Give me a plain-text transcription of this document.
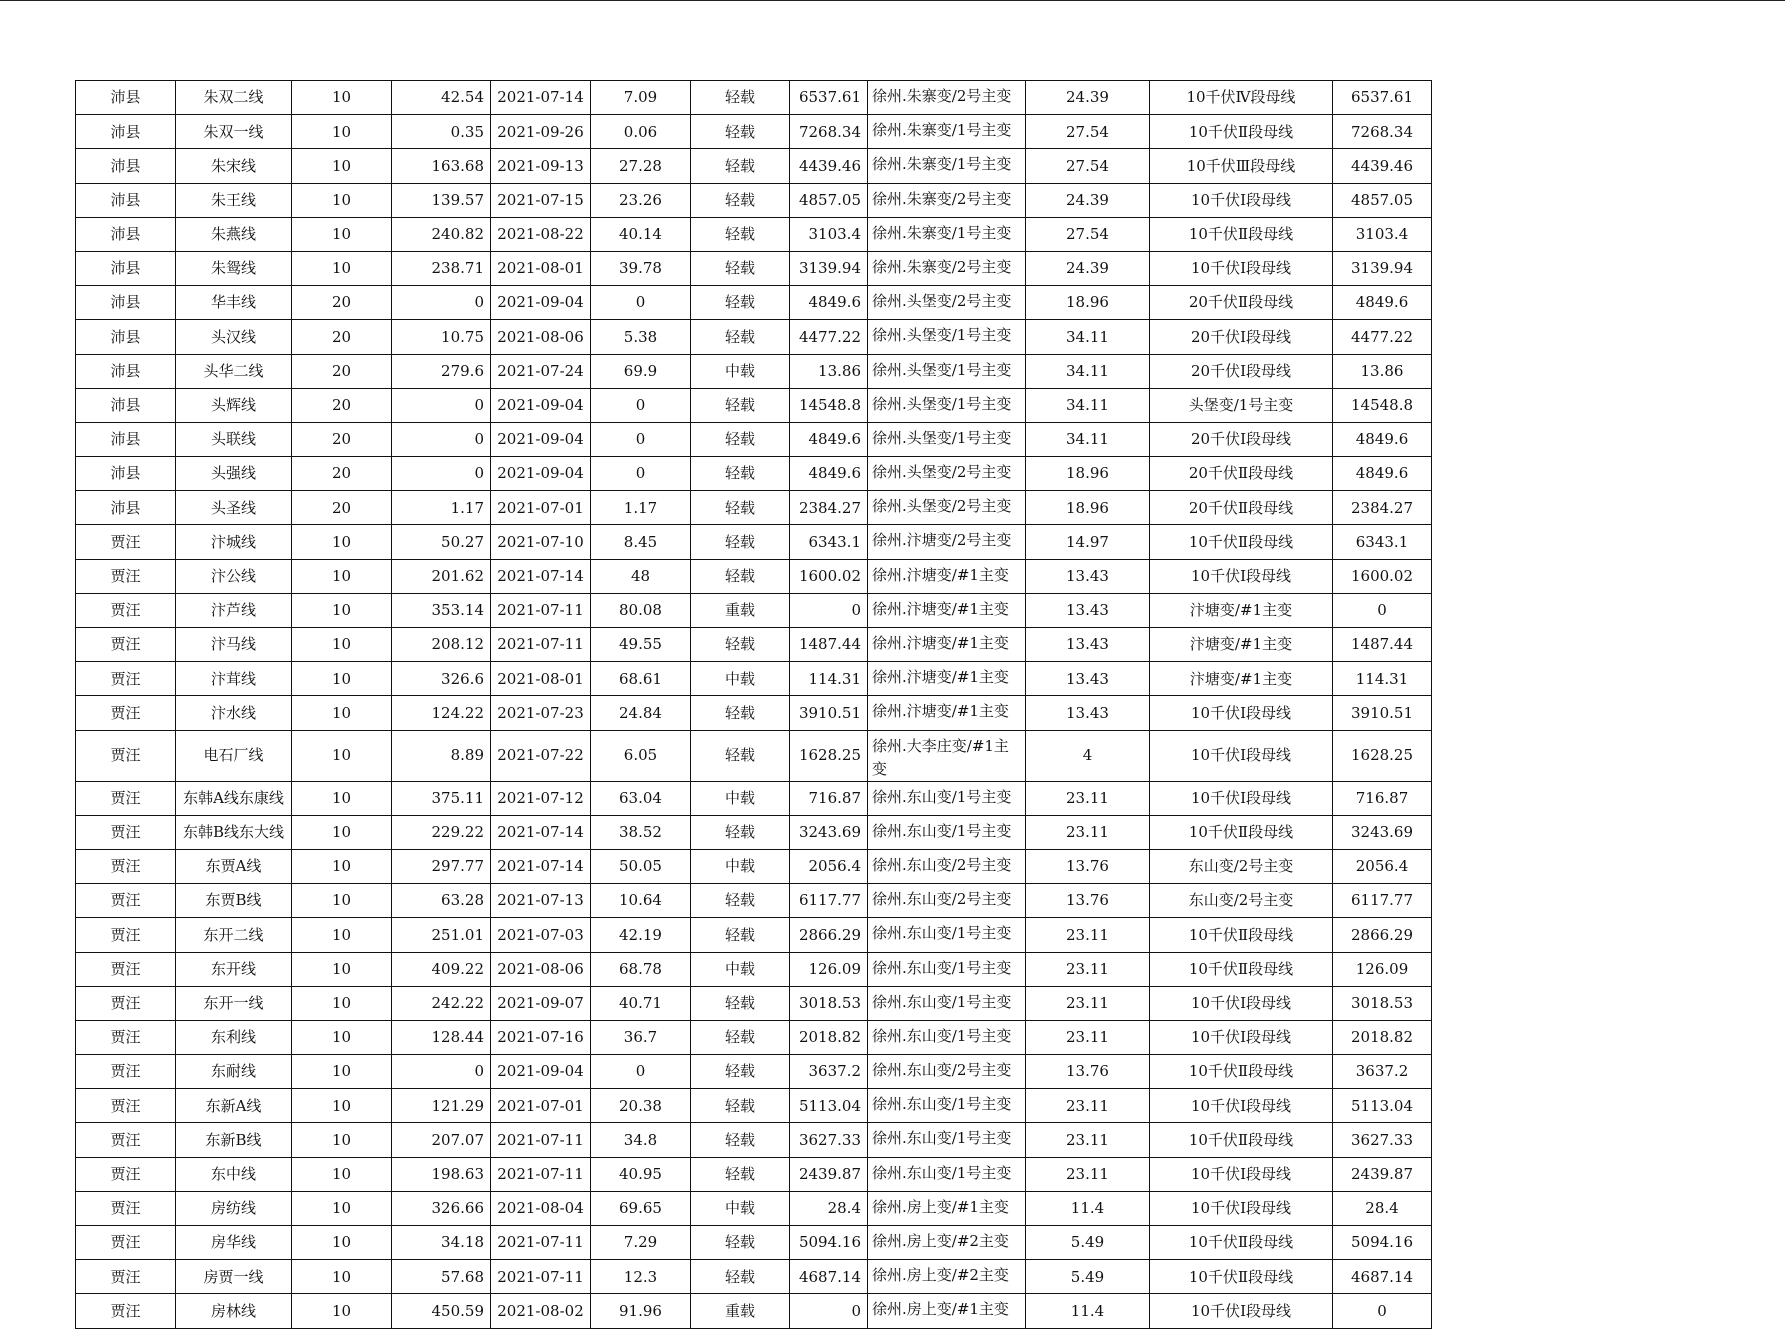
沛县	朱双二线	10	42.54	2021-07-14	7.09	轻载	6537.61	徐州.朱寨变/2号主变	24.39	10千伏Ⅳ段母线	6537.61
沛县	朱双一线	10	0.35	2021-09-26	0.06	轻载	7268.34	徐州.朱寨变/1号主变	27.54	10千伏Ⅱ段母线	7268.34
沛县	朱宋线	10	163.68	2021-09-13	27.28	轻载	4439.46	徐州.朱寨变/1号主变	27.54	10千伏Ⅲ段母线	4439.46
沛县	朱王线	10	139.57	2021-07-15	23.26	轻载	4857.05	徐州.朱寨变/2号主变	24.39	10千伏Ⅰ段母线	4857.05
沛县	朱燕线	10	240.82	2021-08-22	40.14	轻载	3103.4	徐州.朱寨变/1号主变	27.54	10千伏Ⅱ段母线	3103.4
沛县	朱鸳线	10	238.71	2021-08-01	39.78	轻载	3139.94	徐州.朱寨变/2号主变	24.39	10千伏Ⅰ段母线	3139.94
沛县	华丰线	20	0	2021-09-04	0	轻载	4849.6	徐州.头堡变/2号主变	18.96	20千伏Ⅱ段母线	4849.6
沛县	头汉线	20	10.75	2021-08-06	5.38	轻载	4477.22	徐州.头堡变/1号主变	34.11	20千伏Ⅰ段母线	4477.22
沛县	头华二线	20	279.6	2021-07-24	69.9	中载	13.86	徐州.头堡变/1号主变	34.11	20千伏Ⅰ段母线	13.86
沛县	头辉线	20	0	2021-09-04	0	轻载	14548.8	徐州.头堡变/1号主变	34.11	头堡变/1号主变	14548.8
沛县	头联线	20	0	2021-09-04	0	轻载	4849.6	徐州.头堡变/1号主变	34.11	20千伏Ⅰ段母线	4849.6
沛县	头强线	20	0	2021-09-04	0	轻载	4849.6	徐州.头堡变/2号主变	18.96	20千伏Ⅱ段母线	4849.6
沛县	头圣线	20	1.17	2021-07-01	1.17	轻载	2384.27	徐州.头堡变/2号主变	18.96	20千伏Ⅱ段母线	2384.27
贾汪	汴城线	10	50.27	2021-07-10	8.45	轻载	6343.1	徐州.汴塘变/2号主变	14.97	10千伏Ⅱ段母线	6343.1
贾汪	汴公线	10	201.62	2021-07-14	48	轻载	1600.02	徐州.汴塘变/#1主变	13.43	10千伏Ⅰ段母线	1600.02
贾汪	汴芦线	10	353.14	2021-07-11	80.08	重载	0	徐州.汴塘变/#1主变	13.43	汴塘变/#1主变	0
贾汪	汴马线	10	208.12	2021-07-11	49.55	轻载	1487.44	徐州.汴塘变/#1主变	13.43	汴塘变/#1主变	1487.44
贾汪	汴茸线	10	326.6	2021-08-01	68.61	中载	114.31	徐州.汴塘变/#1主变	13.43	汴塘变/#1主变	114.31
贾汪	汴水线	10	124.22	2021-07-23	24.84	轻载	3910.51	徐州.汴塘变/#1主变	13.43	10千伏Ⅰ段母线	3910.51
贾汪	电石厂线	10	8.89	2021-07-22	6.05	轻载	1628.25	徐州.大李庄变/#1主变	4	10千伏Ⅰ段母线	1628.25
贾汪	东韩A线东康线	10	375.11	2021-07-12	63.04	中载	716.87	徐州.东山变/1号主变	23.11	10千伏Ⅰ段母线	716.87
贾汪	东韩B线东大线	10	229.22	2021-07-14	38.52	轻载	3243.69	徐州.东山变/1号主变	23.11	10千伏Ⅱ段母线	3243.69
贾汪	东贾A线	10	297.77	2021-07-14	50.05	中载	2056.4	徐州.东山变/2号主变	13.76	东山变/2号主变	2056.4
贾汪	东贾B线	10	63.28	2021-07-13	10.64	轻载	6117.77	徐州.东山变/2号主变	13.76	东山变/2号主变	6117.77
贾汪	东开二线	10	251.01	2021-07-03	42.19	轻载	2866.29	徐州.东山变/1号主变	23.11	10千伏Ⅱ段母线	2866.29
贾汪	东开线	10	409.22	2021-08-06	68.78	中载	126.09	徐州.东山变/1号主变	23.11	10千伏Ⅱ段母线	126.09
贾汪	东开一线	10	242.22	2021-09-07	40.71	轻载	3018.53	徐州.东山变/1号主变	23.11	10千伏Ⅰ段母线	3018.53
贾汪	东利线	10	128.44	2021-07-16	36.7	轻载	2018.82	徐州.东山变/1号主变	23.11	10千伏Ⅰ段母线	2018.82
贾汪	东耐线	10	0	2021-09-04	0	轻载	3637.2	徐州.东山变/2号主变	13.76	10千伏Ⅱ段母线	3637.2
贾汪	东新A线	10	121.29	2021-07-01	20.38	轻载	5113.04	徐州.东山变/1号主变	23.11	10千伏Ⅰ段母线	5113.04
贾汪	东新B线	10	207.07	2021-07-11	34.8	轻载	3627.33	徐州.东山变/1号主变	23.11	10千伏Ⅱ段母线	3627.33
贾汪	东中线	10	198.63	2021-07-11	40.95	轻载	2439.87	徐州.东山变/1号主变	23.11	10千伏Ⅰ段母线	2439.87
贾汪	房纺线	10	326.66	2021-08-04	69.65	中载	28.4	徐州.房上变/#1主变	11.4	10千伏Ⅰ段母线	28.4
贾汪	房华线	10	34.18	2021-07-11	7.29	轻载	5094.16	徐州.房上变/#2主变	5.49	10千伏Ⅱ段母线	5094.16
贾汪	房贾一线	10	57.68	2021-07-11	12.3	轻载	4687.14	徐州.房上变/#2主变	5.49	10千伏Ⅱ段母线	4687.14
贾汪	房林线	10	450.59	2021-08-02	91.96	重载	0	徐州.房上变/#1主变	11.4	10千伏Ⅰ段母线	0
